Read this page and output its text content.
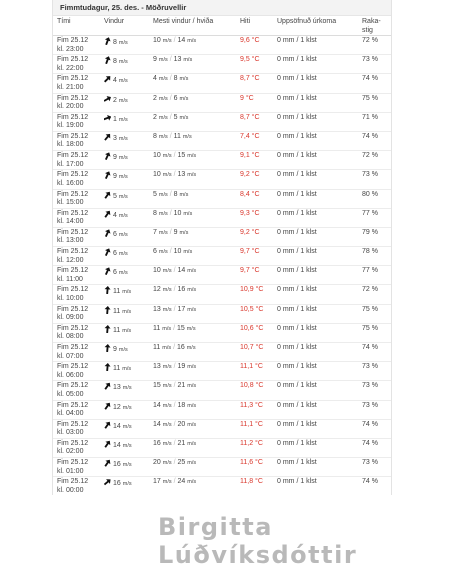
Fimmtudagur, 25. des. - Möðruvellir
Tími	Vindur	Mesti vindur / hviða	Hiti	Uppsöfnuð úrkoma	Raka-
stig
Fim 25.12
kl. 23:00	8 m/s	10 m/s / 14 m/s	9,6 °C	0 mm / 1 klst	72 %
Fim 25.12
kl. 22:00	8 m/s	9 m/s / 13 m/s	9,5 °C	0 mm / 1 klst	73 %
Fim 25.12
kl. 21:00	4 m/s	4 m/s / 8 m/s	8,7 °C	0 mm / 1 klst	74 %
Fim 25.12
kl. 20:00	2 m/s	2 m/s / 6 m/s	9 °C	0 mm / 1 klst	75 %
Fim 25.12
kl. 19:00	1 m/s	2 m/s / 5 m/s	8,7 °C	0 mm / 1 klst	71 %
Fim 25.12
kl. 18:00	3 m/s	8 m/s / 11 m/s	7,4 °C	0 mm / 1 klst	74 %
Fim 25.12
kl. 17:00	9 m/s	10 m/s / 15 m/s	9,1 °C	0 mm / 1 klst	72 %
Fim 25.12
kl. 16:00	9 m/s	10 m/s / 13 m/s	9,2 °C	0 mm / 1 klst	73 %
Fim 25.12
kl. 15:00	5 m/s	5 m/s / 8 m/s	8,4 °C	0 mm / 1 klst	80 %
Fim 25.12
kl. 14:00	4 m/s	8 m/s / 10 m/s	9,3 °C	0 mm / 1 klst	77 %
Fim 25.12
kl. 13:00	6 m/s	7 m/s / 9 m/s	9,2 °C	0 mm / 1 klst	79 %
Fim 25.12
kl. 12:00	6 m/s	6 m/s / 10 m/s	9,7 °C	0 mm / 1 klst	78 %
Fim 25.12
kl. 11:00	6 m/s	10 m/s / 14 m/s	9,7 °C	0 mm / 1 klst	77 %
Fim 25.12
kl. 10:00	11 m/s	12 m/s / 16 m/s	10,9 °C	0 mm / 1 klst	72 %
Fim 25.12
kl. 09:00	11 m/s	13 m/s / 17 m/s	10,5 °C	0 mm / 1 klst	75 %
Fim 25.12
kl. 08:00	11 m/s	11 m/s / 15 m/s	10,6 °C	0 mm / 1 klst	75 %
Fim 25.12
kl. 07:00	9 m/s	11 m/s / 16 m/s	10,7 °C	0 mm / 1 klst	74 %
Fim 25.12
kl. 06:00	11 m/s	13 m/s / 19 m/s	11,1 °C	0 mm / 1 klst	73 %
Fim 25.12
kl. 05:00	13 m/s	15 m/s / 21 m/s	10,8 °C	0 mm / 1 klst	73 %
Fim 25.12
kl. 04:00	12 m/s	14 m/s / 18 m/s	11,3 °C	0 mm / 1 klst	73 %
Fim 25.12
kl. 03:00	14 m/s	14 m/s / 20 m/s	11,1 °C	0 mm / 1 klst	74 %
Fim 25.12
kl. 02:00	14 m/s	16 m/s / 21 m/s	11,2 °C	0 mm / 1 klst	74 %
Fim 25.12
kl. 01:00	16 m/s	20 m/s / 25 m/s	11,6 °C	0 mm / 1 klst	73 %
Fim 25.12
kl. 00:00	16 m/s	17 m/s / 24 m/s	11,8 °C	0 mm / 1 klst	74 %
Birgitta Lúðvíksdóttir
